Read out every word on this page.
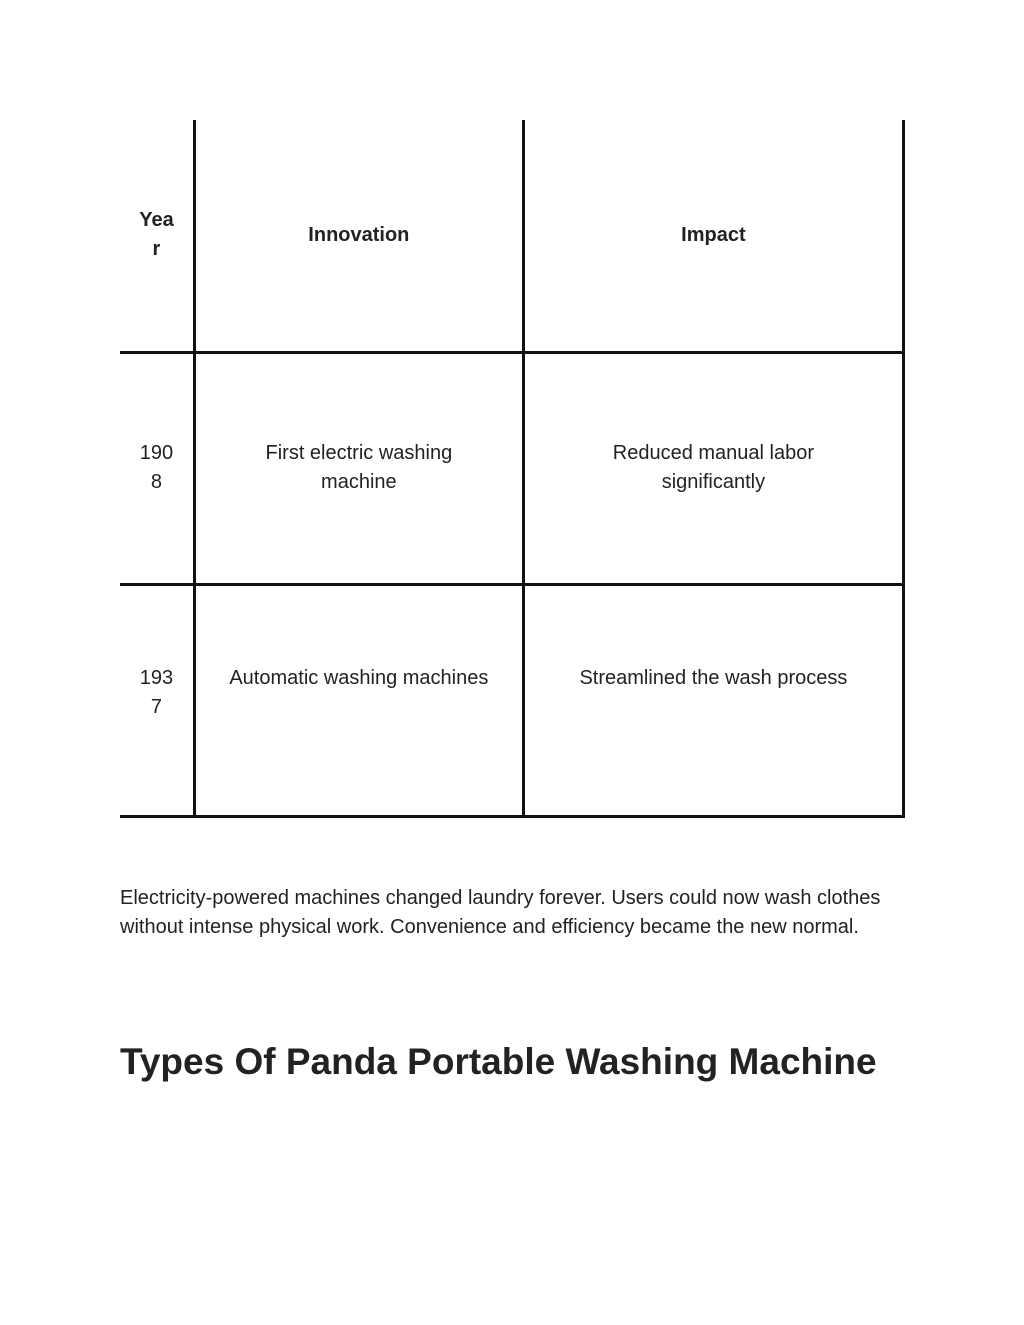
Year	Innovation	Impact

1908	First electric washing machine	Reduced manual labor significantly

1937	Automatic washing machines	Streamlined the wash process

Electricity-powered machines changed laundry forever. Users could now wash clothes without intense physical work. Convenience and efficiency became the new normal.

Types Of Panda Portable Washing Machine
